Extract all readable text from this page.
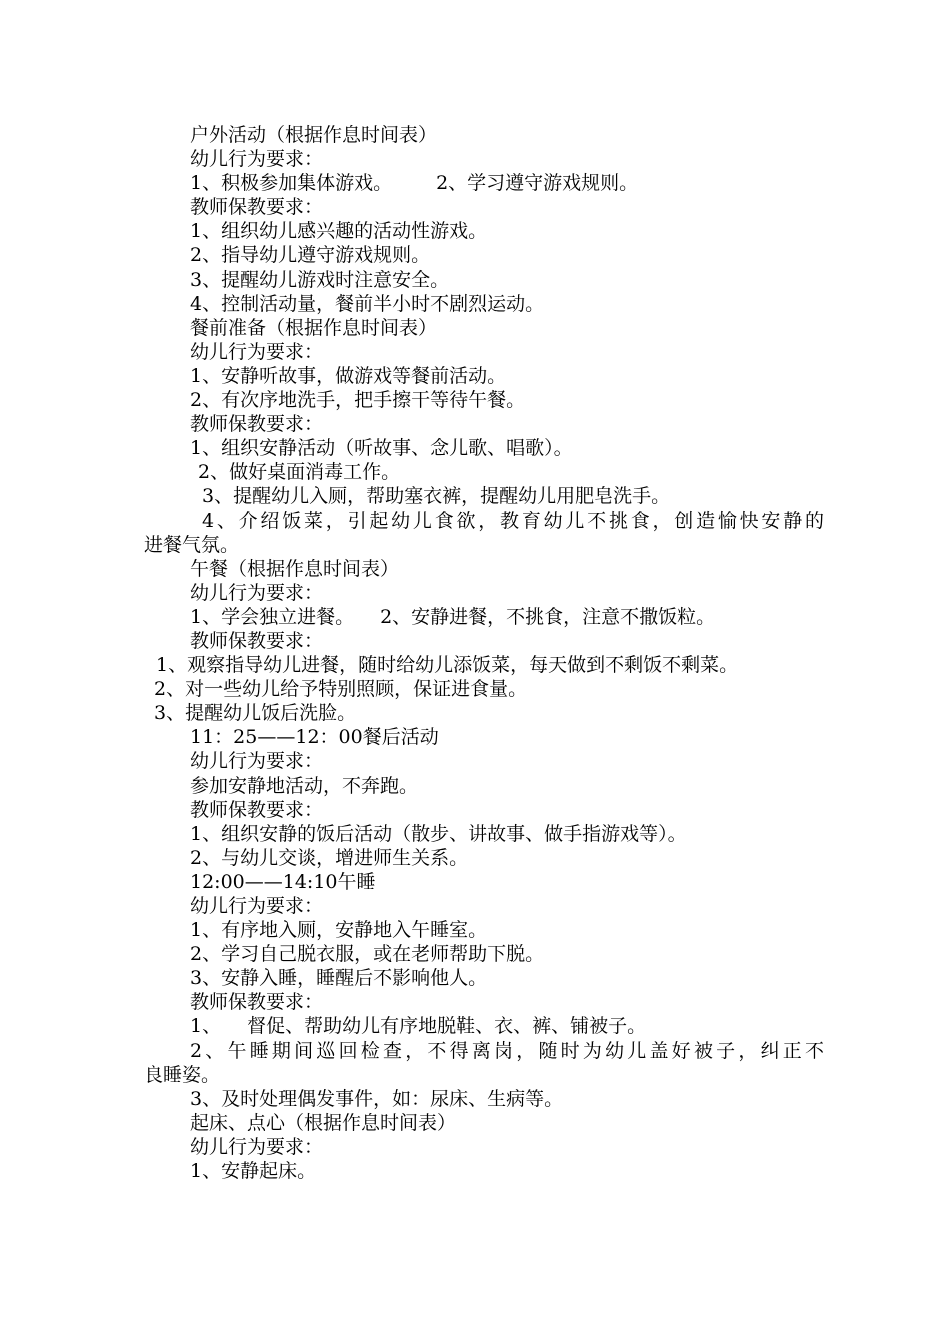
户外活动（根据作息时间表）
幼儿行为要求：
1、积极参加集体游戏。 2、学习遵守游戏规则。
教师保教要求：
1、组织幼儿感兴趣的活动性游戏。
2、指导幼儿遵守游戏规则。
3、提醒幼儿游戏时注意安全。
4、控制活动量，餐前半小时不剧烈运动。
餐前准备（根据作息时间表）
幼儿行为要求：
1、安静听故事，做游戏等餐前活动。
2、有次序地洗手，把手擦干等待午餐。
教师保教要求：
1、组织安静活动（听故事、念儿歌、唱歌）。
2、做好桌面消毒工作。
3、提醒幼儿入厕，帮助塞衣裤，提醒幼儿用肥皂洗手。
4、介绍饭菜，引起幼儿食欲，教育幼儿不挑食，创造愉快安静的
进餐气氛。
午餐（根据作息时间表）
幼儿行为要求：
1、学会独立进餐。 2、安静进餐，不挑食，注意不撒饭粒。
教师保教要求：
1、观察指导幼儿进餐，随时给幼儿添饭菜，每天做到不剩饭不剩菜。
2、对一些幼儿给予特别照顾，保证进食量。
3、提醒幼儿饭后洗脸。
11：25——12：00餐后活动
幼儿行为要求：
参加安静地活动，不奔跑。
教师保教要求：
1、组织安静的饭后活动（散步、讲故事、做手指游戏等）。
2、与幼儿交谈，增进师生关系。
12:00——14:10午睡
幼儿行为要求：
1、有序地入厕，安静地入午睡室。
2、学习自己脱衣服，或在老师帮助下脱。
3、安静入睡，睡醒后不影响他人。
教师保教要求：
1、 督促、帮助幼儿有序地脱鞋、衣、裤、铺被子。
2、午睡期间巡回检查，不得离岗，随时为幼儿盖好被子，纠正不
良睡姿。
3、及时处理偶发事件，如：尿床、生病等。
起床、点心（根据作息时间表）
幼儿行为要求：
1、安静起床。
